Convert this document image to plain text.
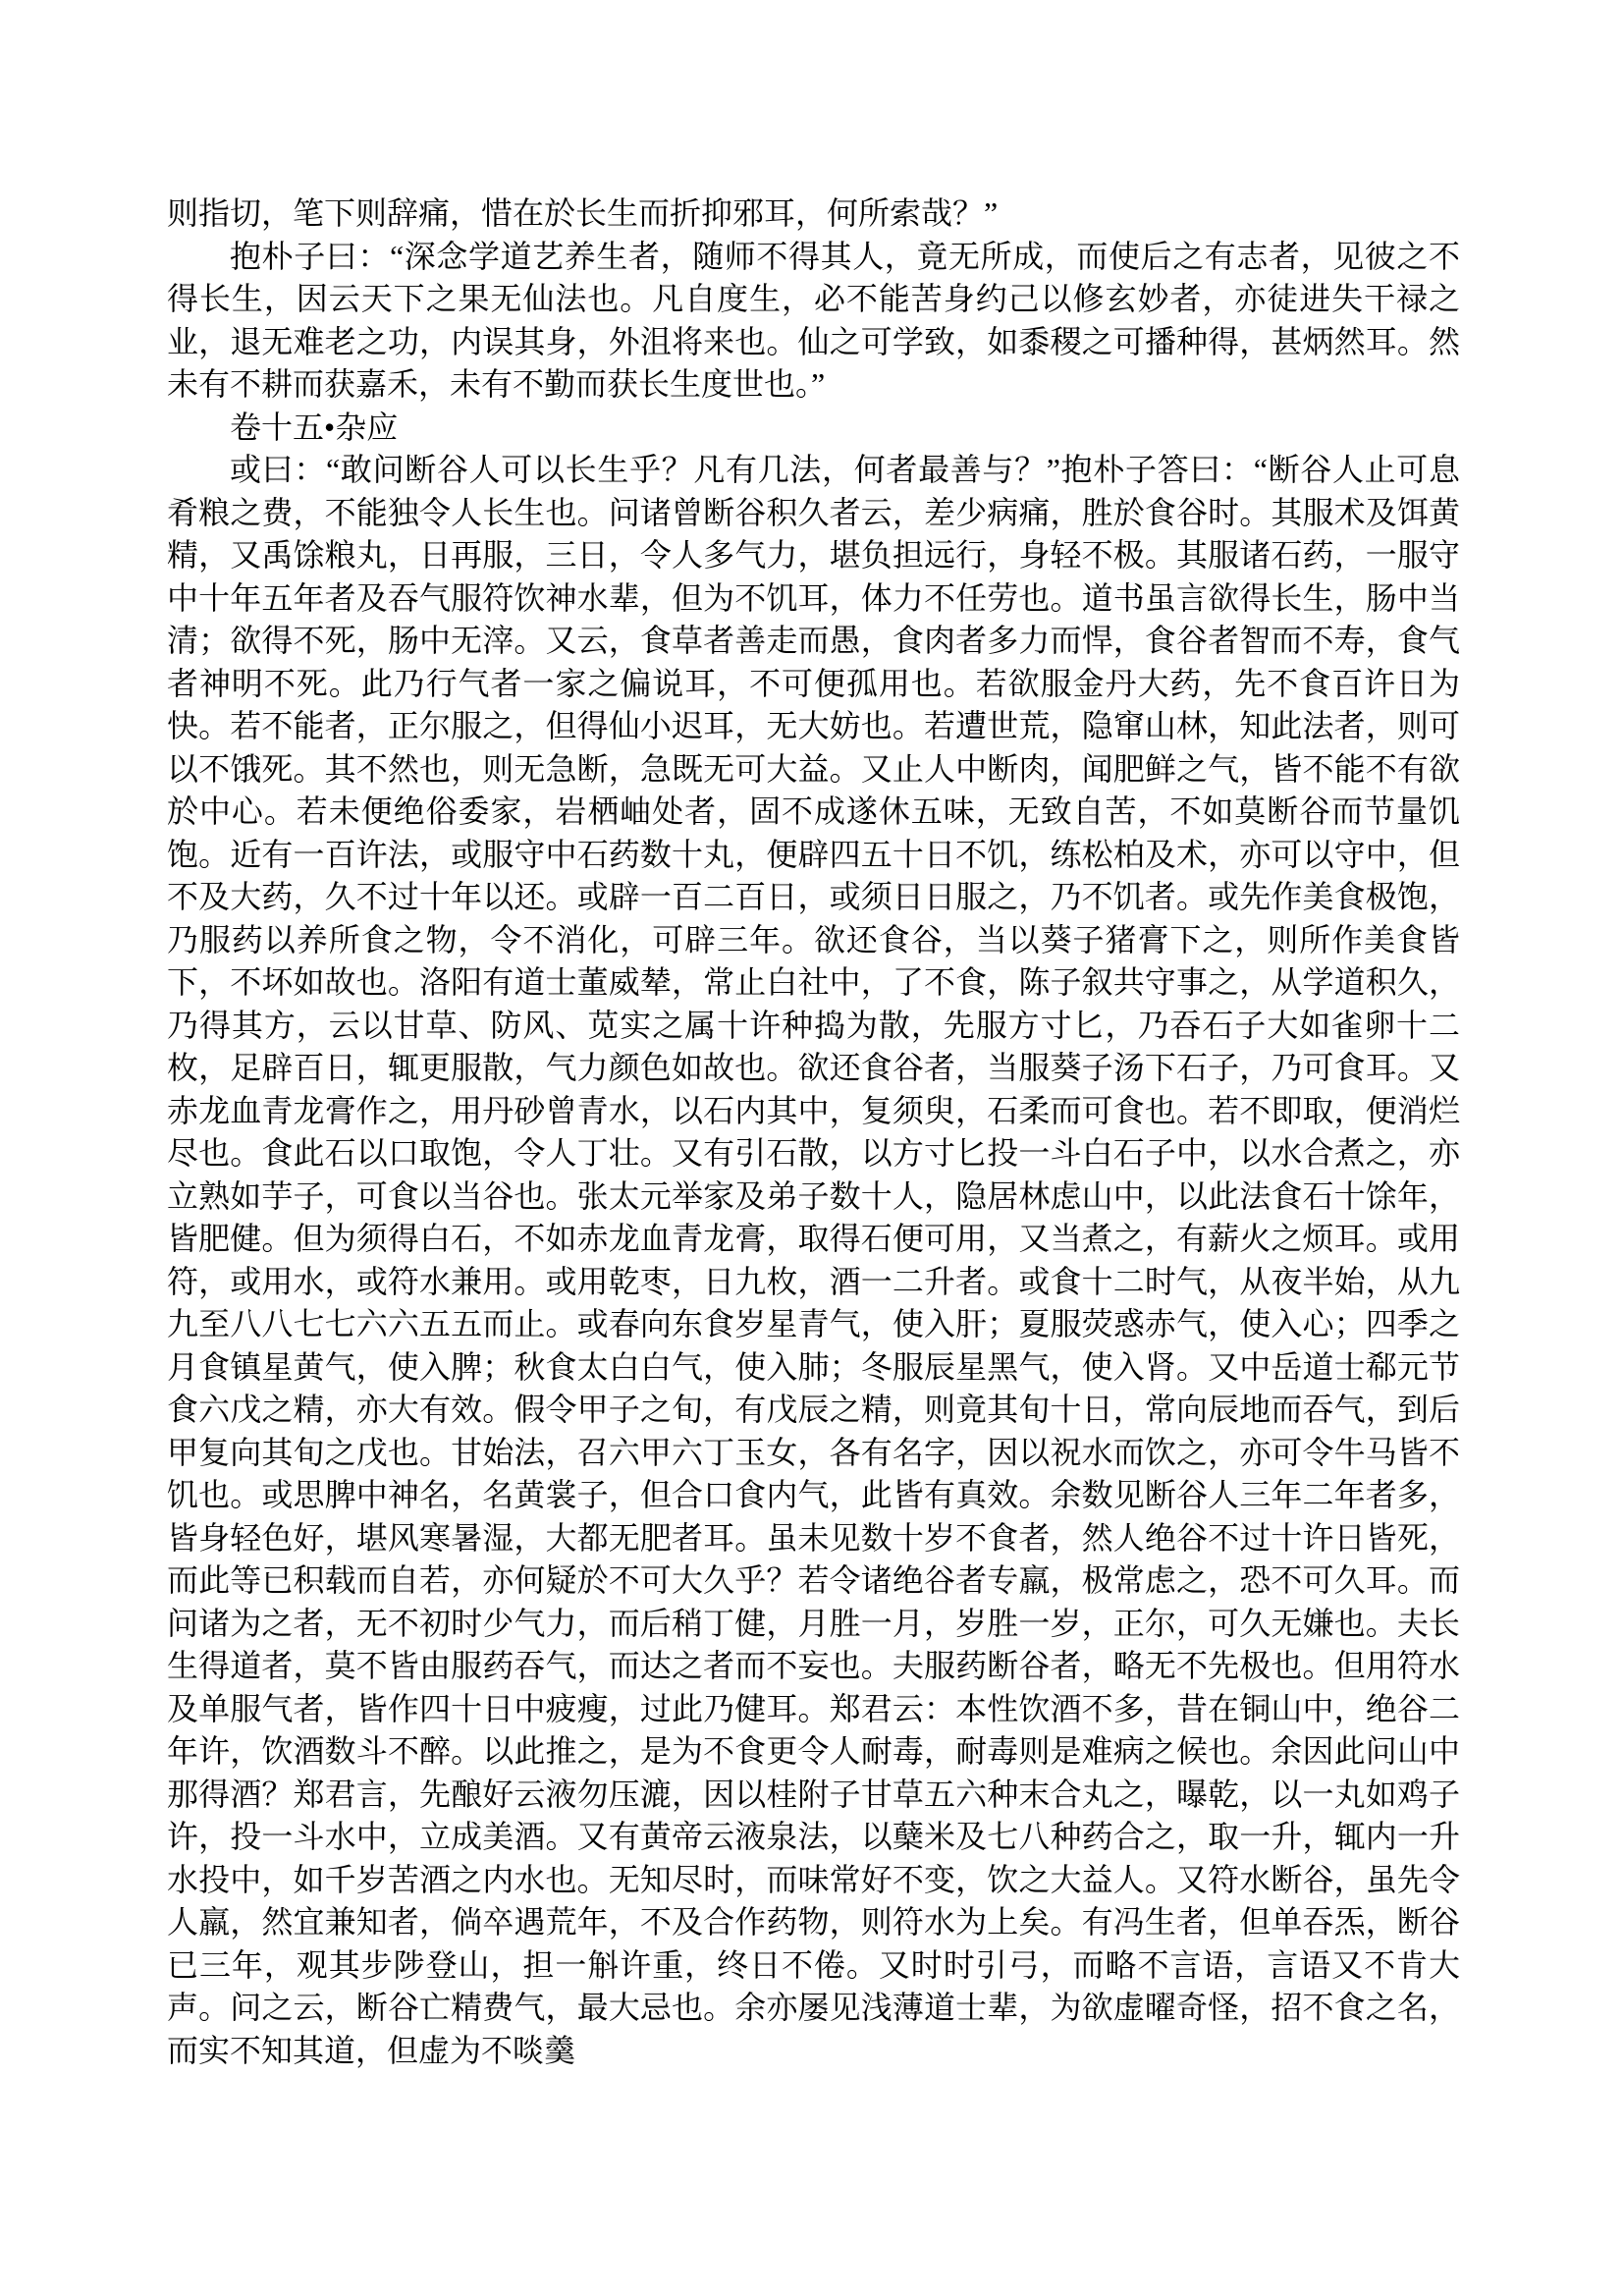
则指切，笔下则辞痛，惜在於长生而折抑邪耳，何所索哉？”

抱朴子曰：“深念学道艺养生者，随师不得其人，竟无所成，而使后之有志者，见彼之不得长生，因云天下之果无仙法也。凡自度生，必不能苦身约己以修玄妙者，亦徒进失干禄之业，退无难老之功，内误其身，外沮将来也。仙之可学致，如黍稷之可播种得，甚炳然耳。然未有不耕而获嘉禾，未有不勤而获长生度世也。”

卷十五•杂应

或曰：“敢问断谷人可以长生乎？凡有几法，何者最善与？”抱朴子答曰：“断谷人止可息肴粮之费，不能独令人长生也。问诸曾断谷积久者云，差少病痛，胜於食谷时。其服术及饵黄精，又禹馀粮丸，日再服，三日，令人多气力，堪负担远行，身轻不极。其服诸石药，一服守中十年五年者及吞气服符饮神水辈，但为不饥耳，体力不任劳也。道书虽言欲得长生，肠中当清；欲得不死，肠中无滓。又云，食草者善走而愚，食肉者多力而悍，食谷者智而不寿，食气者神明不死。此乃行气者一家之偏说耳，不可便孤用也。若欲服金丹大药，先不食百许日为快。若不能者，正尔服之，但得仙小迟耳，无大妨也。若遭世荒，隐窜山林，知此法者，则可以不饿死。其不然也，则无急断，急既无可大益。又止人中断肉，闻肥鲜之气，皆不能不有欲於中心。若未便绝俗委家，岩栖岫处者，固不成遂休五味，无致自苦，不如莫断谷而节量饥饱。近有一百许法，或服守中石药数十丸，便辟四五十日不饥，练松柏及术，亦可以守中，但不及大药，久不过十年以还。或辟一百二百日，或须日日服之，乃不饥者。或先作美食极饱，乃服药以养所食之物，令不消化，可辟三年。欲还食谷，当以葵子猪膏下之，则所作美食皆下，不坏如故也。洛阳有道士董威辇，常止白社中，了不食，陈子叙共守事之，从学道积久，乃得其方，云以甘草、防风、苋实之属十许种捣为散，先服方寸匕，乃吞石子大如雀卵十二枚，足辟百日，辄更服散，气力颜色如故也。欲还食谷者，当服葵子汤下石子，乃可食耳。又赤龙血青龙膏作之，用丹砂曾青水，以石内其中，复须臾，石柔而可食也。若不即取，便消烂尽也。食此石以口取饱，令人丁壮。又有引石散，以方寸匕投一斗白石子中，以水合煮之，亦立熟如芋子，可食以当谷也。张太元举家及弟子数十人，隐居林虑山中，以此法食石十馀年，皆肥健。但为须得白石，不如赤龙血青龙膏，取得石便可用，又当煮之，有薪火之烦耳。或用符，或用水，或符水兼用。或用乾枣，日九枚，酒一二升者。或食十二时气，从夜半始，从九九至八八七七六六五五而止。或春向东食岁星青气，使入肝；夏服荧惑赤气，使入心；四季之月食镇星黄气，使入脾；秋食太白白气，使入肺；冬服辰星黑气，使入肾。又中岳道士郗元节食六戊之精，亦大有效。假令甲子之旬，有戊辰之精，则竟其旬十日，常向辰地而吞气，到后甲复向其旬之戊也。甘始法，召六甲六丁玉女，各有名字，因以祝水而饮之，亦可令牛马皆不饥也。或思脾中神名，名黄裳子，但合口食内气，此皆有真效。余数见断谷人三年二年者多，皆身轻色好，堪风寒暑湿，大都无肥者耳。虽未见数十岁不食者，然人绝谷不过十许日皆死，而此等已积载而自若，亦何疑於不可大久乎？若令诸绝谷者专羸，极常虑之，恐不可久耳。而问诸为之者，无不初时少气力，而后稍丁健，月胜一月，岁胜一岁，正尔，可久无嫌也。夫长生得道者，莫不皆由服药吞气，而达之者而不妄也。夫服药断谷者，略无不先极也。但用符水及单服气者，皆作四十日中疲瘦，过此乃健耳。郑君云：本性饮酒不多，昔在铜山中，绝谷二年许，饮酒数斗不醉。以此推之，是为不食更令人耐毒，耐毒则是难病之候也。余因此问山中那得酒？郑君言，先酿好云液勿压漉，因以桂附子甘草五六种末合丸之，曝乾，以一丸如鸡子许，投一斗水中，立成美酒。又有黄帝云液泉法，以蘖米及七八种药合之，取一升，辄内一升水投中，如千岁苦酒之内水也。无知尽时，而味常好不变，饮之大益人。又符水断谷，虽先令人羸，然宜兼知者，倘卒遇荒年，不及合作药物，则符水为上矣。有冯生者，但单吞炁，断谷已三年，观其步陟登山，担一斛许重，终日不倦。又时时引弓，而略不言语，言语又不肯大声。问之云，断谷亡精费气，最大忌也。余亦屡见浅薄道士辈，为欲虚曜奇怪，招不食之名，而实不知其道，但虚为不啖羹
